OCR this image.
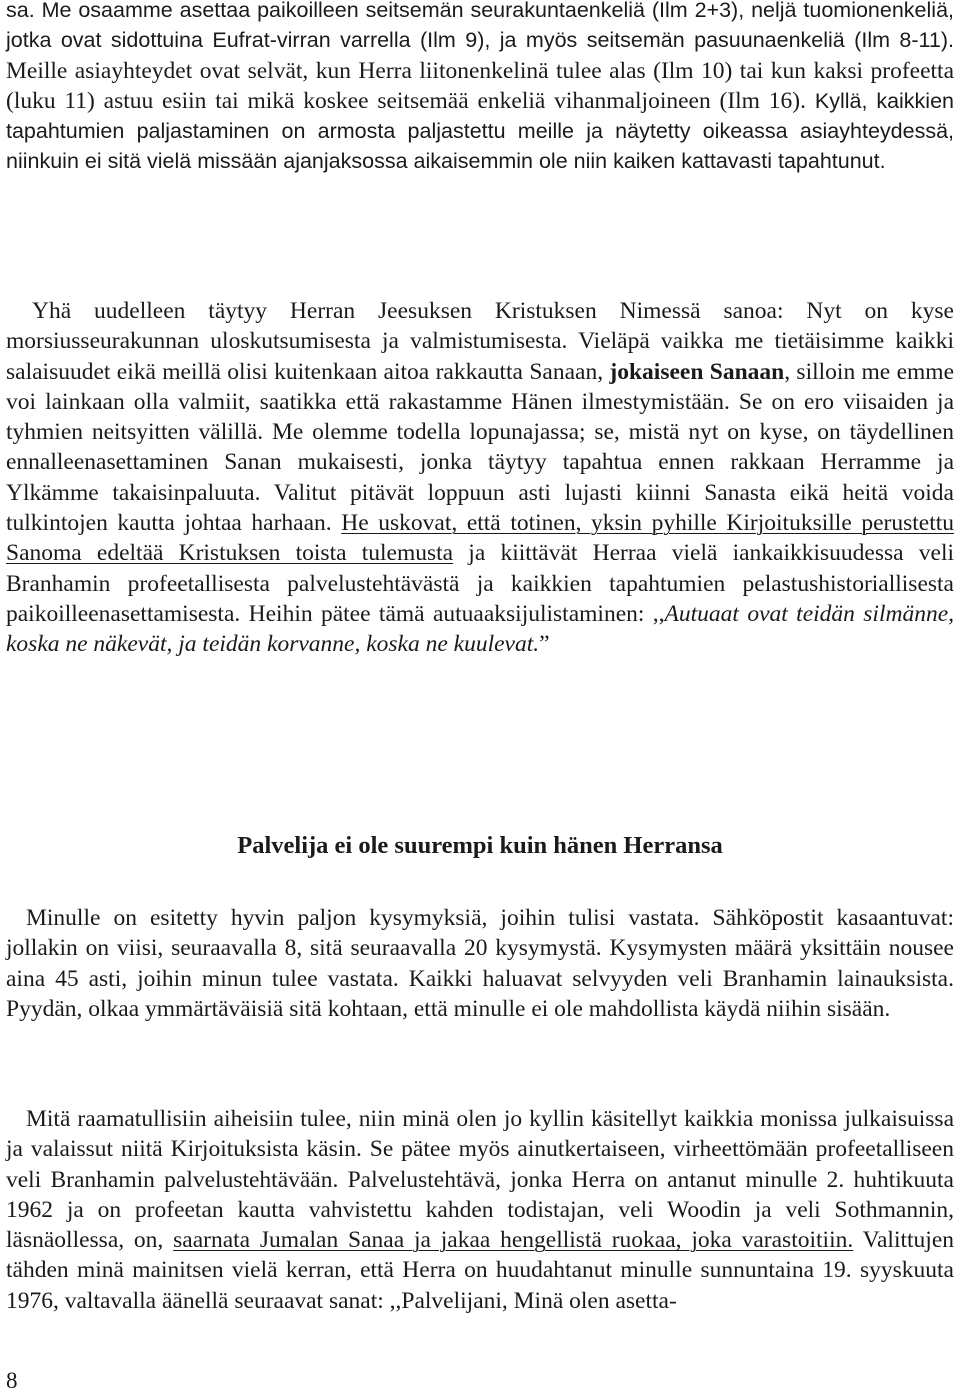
sa. Me osaamme asettaa paikoilleen seitsemän seurakuntaenkeliä (Ilm 2+3), neljä tuomionenkeliä, jotka ovat sidottuina Eufrat-virran varrella (Ilm 9), ja myös seitsemän pasuunaenkeliä (Ilm 8-11). Meille asiayhteydet ovat selvät, kun Herra liitonenkelinä tulee alas (Ilm 10) tai kun kaksi profeetta (luku 11) astuu esiin tai mikä koskee seitsemää enkeliä vihanmaljoineen (Ilm 16). Kyllä, kaikkien tapahtumien paljastaminen on armosta paljastettu meille ja näytetty oikeassa asiayhteydessä, niinkuin ei sitä vielä missään ajanjaksossa aikaisemmin ole niin kaiken kattavasti tapahtunut.

Yhä uudelleen täytyy Herran Jeesuksen Kristuksen Nimessä sanoa: Nyt on kyse morsiusseurakunnan uloskutsumisesta ja valmistumisesta. Vieläpä vaikka me tietäisimme kaikki salaisuudet eikä meillä olisi kuitenkaan aitoa rakkautta Sanaan, jokaiseen Sanaan, silloin me emme voi lainkaan olla valmiit, saatikka että rakastamme Hänen ilmestymistään. Se on ero viisaiden ja tyhmien neitsyitten välillä. Me olemme todella lopunajassa; se, mistä nyt on kyse, on täydellinen ennalleenasettaminen Sanan mukaisesti, jonka täytyy tapahtua ennen rakkaan Herramme ja Ylkämme takaisinpaluuta. Valitut pitävät loppuun asti lujasti kiinni Sanasta eikä heitä voida tulkintojen kautta johtaa harhaan. He uskovat, että totinen, yksin pyhille Kirjoituksille perustettu Sanoma edeltää Kristuksen toista tulemusta ja kiittävät Herraa vielä iankaikkisuudessa veli Branhamin profeetallisesta palvelustehtävästä ja kaikkien tapahtumien pelastushistoriallisesta paikoilleenasettamisesta. Heihin pätee tämä autuaaksijulistaminen: ,,Autuaat ovat teidän silmänne, koska ne näkevät, ja teidän korvanne, koska ne kuulevat.”

Palvelija ei ole suurempi kuin hänen Herransa

Minulle on esitetty hyvin paljon kysymyksiä, joihin tulisi vastata. Sähköpostit kasaantuvat: jollakin on viisi, seuraavalla 8, sitä seuraavalla 20 kysymystä. Kysymysten määrä yksittäin nousee aina 45 asti, joihin minun tulee vastata. Kaikki haluavat selvyyden veli Branhamin lainauksista. Pyydän, olkaa ymmärtäväisiä sitä kohtaan, että minulle ei ole mahdollista käydä niihin sisään.

Mitä raamatullisiin aiheisiin tulee, niin minä olen jo kyllin käsitellyt kaikkia monissa julkaisuissa ja valaissut niitä Kirjoituksista käsin. Se pätee myös ainutkertaiseen, virheettömään profeetalliseen veli Branhamin palvelustehtävään. Palvelustehtävä, jonka Herra on antanut minulle 2. huhtikuuta 1962 ja on profeetan kautta vahvistettu kahden todistajan, veli Woodin ja veli Sothmannin, läsnäollessa, on, saarnata Jumalan Sanaa ja jakaa hengellistä ruokaa, joka varastoitiin. Valittujen tähden minä mainitsen vielä kerran, että Herra on huudahtanut minulle sunnuntaina 19. syyskuuta 1976, valtavalla äänellä seuraavat sanat: ,,Palvelijani, Minä olen asetta-

8
